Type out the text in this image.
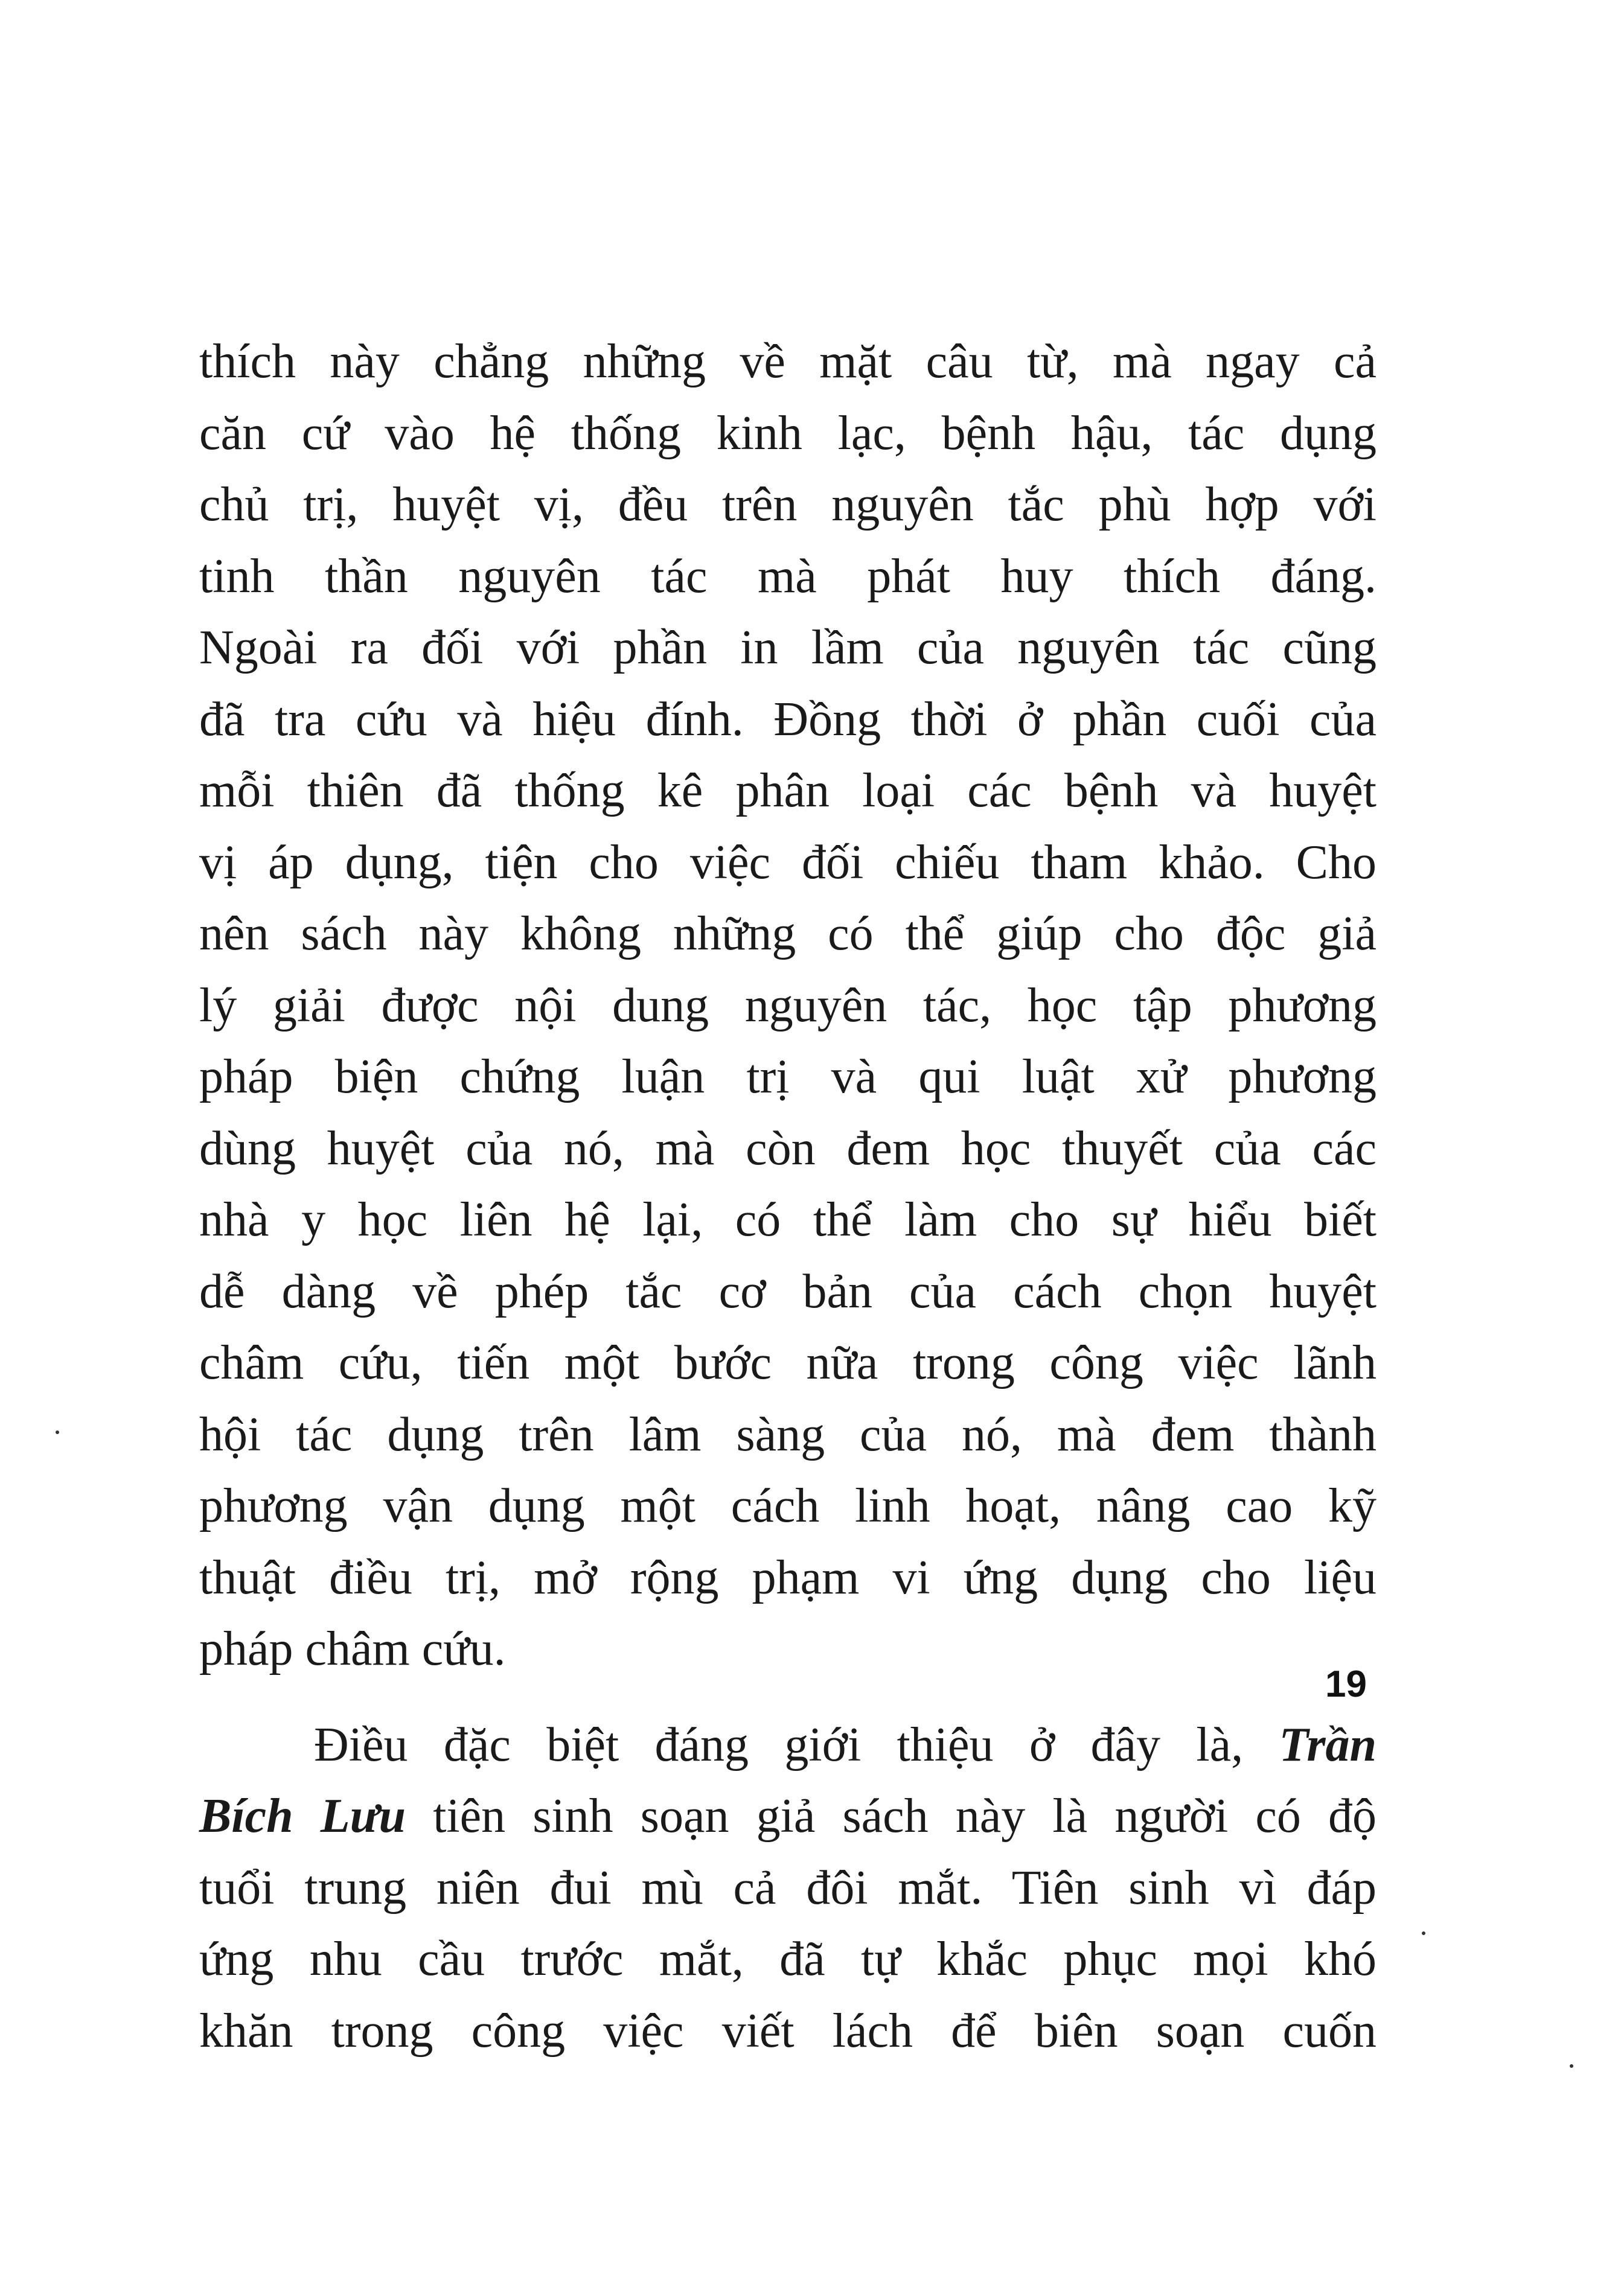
thích này chẳng những về mặt câu từ, mà ngay cả
căn cứ vào hệ thống kinh lạc, bệnh hậu, tác dụng
chủ trị, huyệt vị, đều trên nguyên tắc phù hợp với
tinh thần nguyên tác mà phát huy thích đáng.
Ngoài ra đối với phần in lầm của nguyên tác cũng
đã tra cứu và hiệu đính. Đồng thời ở phần cuối của
mỗi thiên đã thống kê phân loại các bệnh và huyệt
vị áp dụng, tiện cho việc đối chiếu tham khảo. Cho
nên sách này không những có thể giúp cho độc giả
lý giải được nội dung nguyên tác, học tập phương
pháp biện chứng luận trị và qui luật xử phương
dùng huyệt của nó, mà còn đem học thuyết của các
nhà y học liên hệ lại, có thể làm cho sự hiểu biết
dễ dàng về phép tắc cơ bản của cách chọn huyệt
châm cứu, tiến một bước nữa trong công việc lãnh
hội tác dụng trên lâm sàng của nó, mà đem thành
phương vận dụng một cách linh hoạt, nâng cao kỹ
thuật điều trị, mở rộng phạm vi ứng dụng cho liệu
pháp châm cứu.
Điều đặc biệt đáng giới thiệu ở đây là, Trần
Bích Lưu tiên sinh soạn giả sách này là người có độ
tuổi trung niên đui mù cả đôi mắt. Tiên sinh vì đáp
ứng nhu cầu trước mắt, đã tự khắc phục mọi khó
khăn trong công việc viết lách để biên soạn cuốn
19
